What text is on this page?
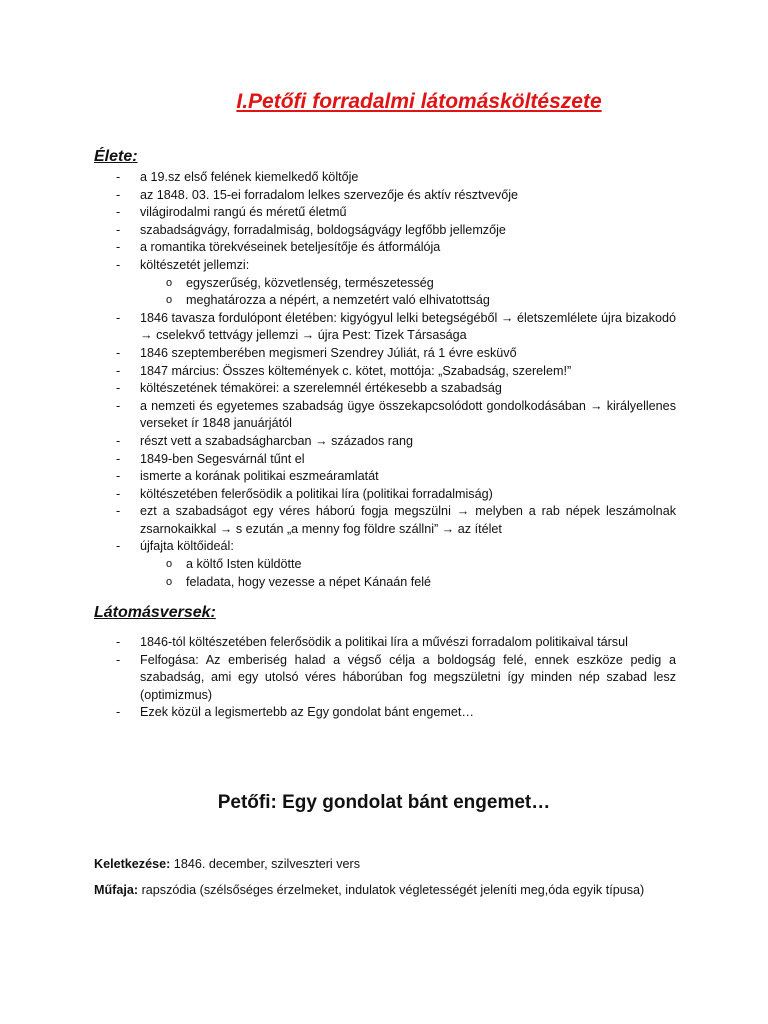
I.Petőfi forradalmi látomásköltészete
Élete:
- a 19.sz első felének kiemelkedő költője
- az 1848. 03. 15-ei forradalom lelkes szervezője és aktív résztvevője
- világirodalmi rangú és méretű életmű
- szabadságvágy, forradalmiság, boldogságvágy legfőbb jellemzője
- a romantika törekvéseinek beteljesítője és átformálója
- költészetét jellemzi:
o egyszerűség, közvetlenség, természetesség
o meghatározza a népért, a nemzetért való elhivatottság
- 1846 tavasza fordulópont életében: kigyógyul lelki betegségéből → életszemlélete újra bizakodó → cselekvő tettvágy jellemzi → újra Pest: Tizek Társasága
- 1846 szeptemberében megismeri Szendrey Júliát, rá 1 évre esküvő
- 1847 március: Összes költemények c. kötet, mottója: „Szabadság, szerelem!”
- költészetének témakörei: a szerelemnél értékesebb a szabadság
- a nemzeti és egyetemes szabadság ügye összekapcsolódott gondolkodásában → királyellenes verseket ír 1848 januárjától
- részt vett a szabadságharcban → százados rang
- 1849-ben Segesvárnál tűnt el
- ismerte a korának politikai eszmeáramlatát
- költészetében felerősödik a politikai líra (politikai forradalmiság)
- ezt a szabadságot egy véres háború fogja megszülni → melyben a rab népek leszámolnak zsarnokaikkal → s ezután „a menny fog földre szállni” → az ítélet
- újfajta költőideál:
o a költő Isten küldötte
o feladata, hogy vezesse a népet Kánaán felé
Látomásversek:
- 1846-tól költészetében felerősödik a politikai líra a művészi forradalom politikaival társul
- Felfogása: Az emberiség halad a végső célja a boldogság felé, ennek eszköze pedig a szabadság, ami egy utolsó véres háborúban fog megszületni így minden nép szabad lesz (optimizmus)
- Ezek közül a legismertebb az Egy gondolat bánt engemet…
Petőfi: Egy gondolat bánt engemet…
Keletkezése: 1846. december, szilveszteri vers
Műfaja: rapszódia (szélsőséges érzelmeket, indulatok végletességét jeleníti meg,óda egyik típusa)
